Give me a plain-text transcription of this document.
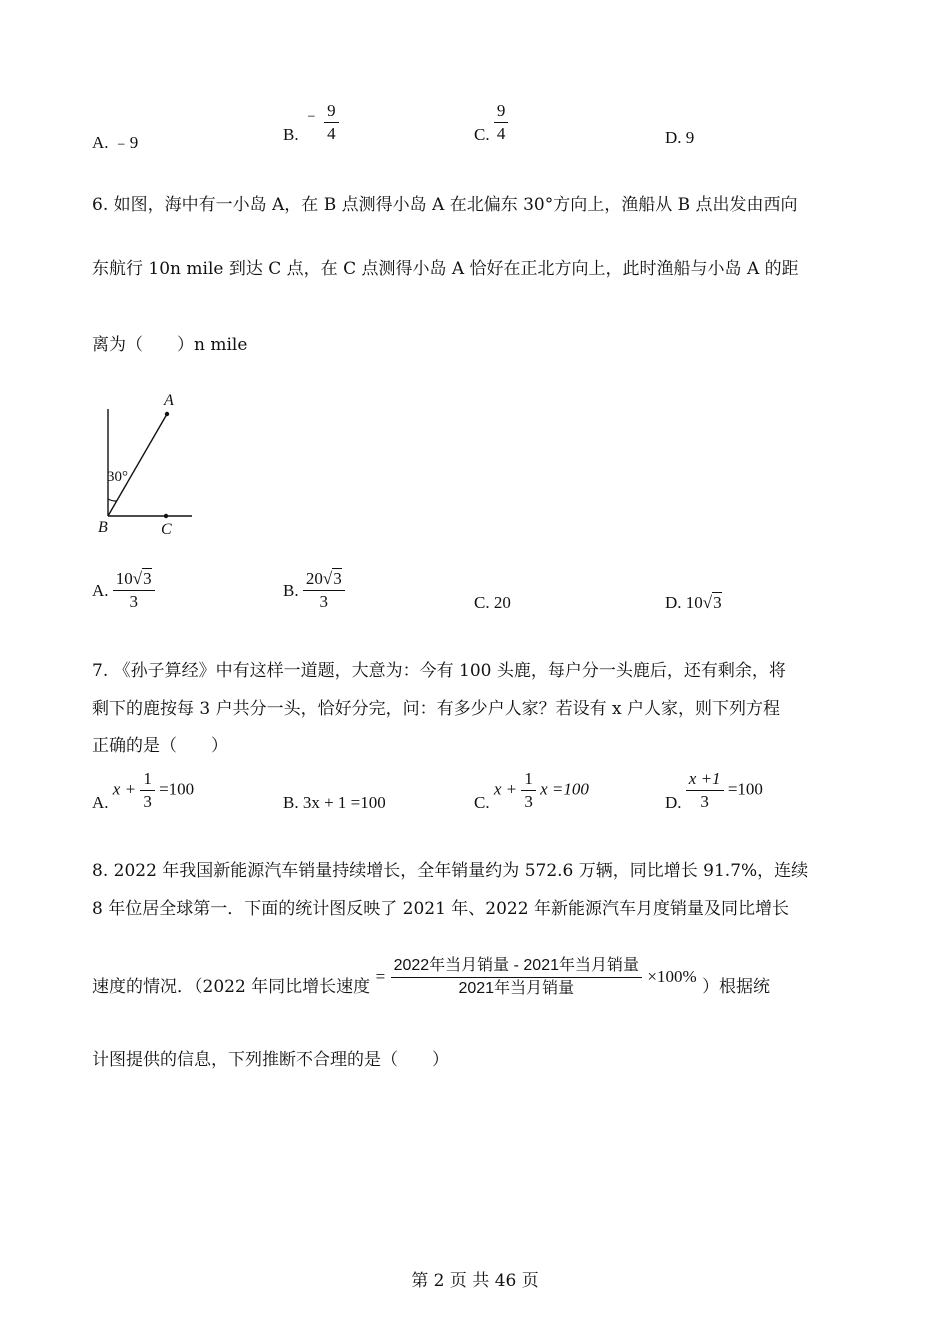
A. ﹣9	B. ﹣ $\frac{9}{4}$	C. $\frac{9}{4}$	D. 9
6. 如图，海中有一小岛 A，在 B 点测得小岛 A 在北偏东 30°方向上，渔船从 B 点出发由西向
东航行 10n mile 到达 C 点，在 C 点测得小岛 A 恰好在正北方向上，此时渔船与小岛 A 的距
离为（　　）n mile
A
B	C
30°
A. $\frac{10√3}{3}$	B. $\frac{20√3}{3}$	C. 20	D. 10√3
7. 《孙子算经》中有这样一道题，大意为：今有 100 头鹿，每户分一头鹿后，还有剩余，将
剩下的鹿按每 3 户共分一头，恰好分完，问：有多少户人家？若设有 x 户人家，则下列方程
正确的是（　　）
A. $x + \frac{1}{3} =100$
B. 3x + 1 =100	C. $x + \frac{1}{3}$ x =100
D. $\frac{x +1}{3} =100$
8. 2022 年我国新能源汽车销量持续增长，全年销量约为 572.6 万辆，同比增长 91.7%，连续
8 年位居全球第一．下面的统计图反映了 2021 年、2022 年新能源汽车月度销量及同比增长
速度的情况．（2022 年同比增长速度 = $\frac{\text{2022年当月销量 - 2021年当月销量}}{\text{2021年当月销量}} \times 100\%$ ）根据统
计图提供的信息，下列推断不合理的是（　　）
第 2 页 共 46 页
